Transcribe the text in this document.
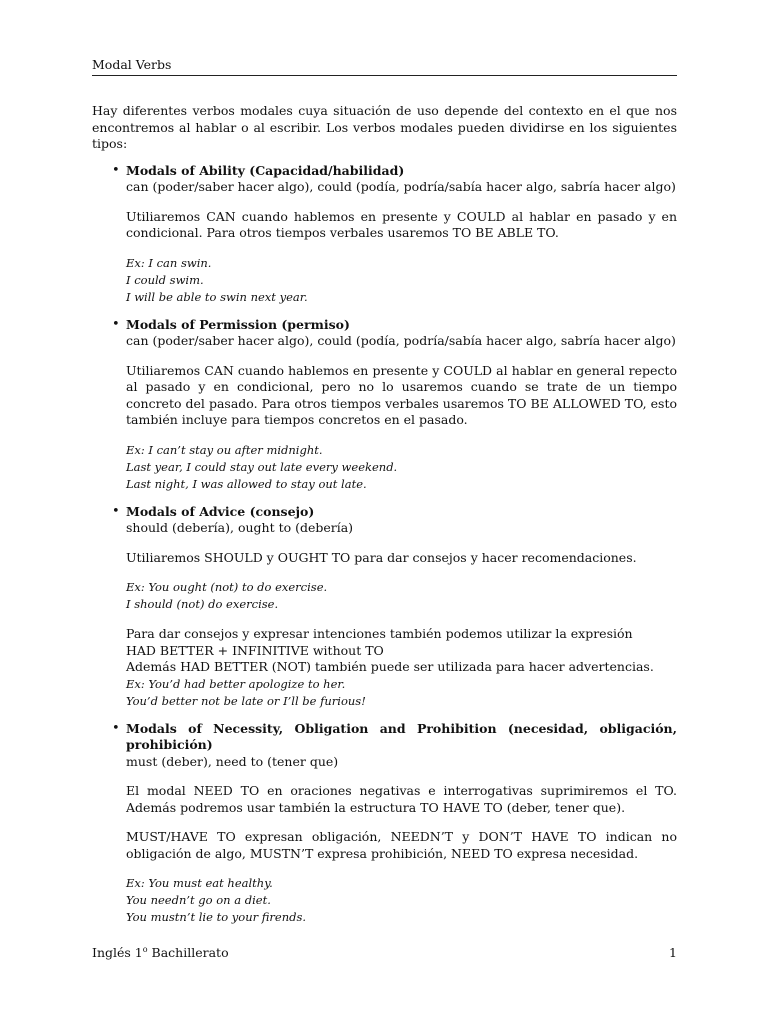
Modal Verbs

Hay diferentes verbos modales cuya situación de uso depende del contexto en el que nos encontremos al hablar o al escribir. Los verbos modales pueden dividirse en los siguientes tipos:

• Modals of Ability (Capacidad/habilidad)
can (poder/saber hacer algo), could (podía, podría/sabía hacer algo, sabría hacer algo)

Utiliaremos CAN cuando hablemos en presente y COULD al hablar en pasado y en condicional. Para otros tiempos verbales usaremos TO BE ABLE TO.

Ex: I can swin.

I could swim.

I will be able to swin next year.

• Modals of Permission (permiso)
can (poder/saber hacer algo), could (podía, podría/sabía hacer algo, sabría hacer algo)

Utiliaremos CAN cuando hablemos en presente y COULD al hablar en general repecto al pasado y en condicional, pero no lo usaremos cuando se trate de un tiempo concreto del pasado. Para otros tiempos verbales usaremos TO BE ALLOWED TO, esto también incluye para tiempos concretos en el pasado.

Ex: I can’t stay ou after midnight.

Last year, I could stay out late every weekend.

Last night, I was allowed to stay out late.

• Modals of Advice (consejo)
should (debería), ought to (debería)

Utiliaremos SHOULD y OUGHT TO para dar consejos y hacer recomendaciones.

Ex: You ought (not) to do exercise.

I should (not) do exercise.

Para dar consejos y expresar intenciones también podemos utilizar la expresión

HAD BETTER + INFINITIVE without TO

Además HAD BETTER (NOT) también puede ser utilizada para hacer advertencias.

Ex: You’d had better apologize to her.

You’d better not be late or I’ll be furious!

• Modals of Necessity, Obligation and Prohibition (necesidad, obligación, prohibición)
must (deber), need to (tener que)

El modal NEED TO en oraciones negativas e interrogativas suprimiremos el TO. Además podremos usar también la estructura TO HAVE TO (deber, tener que).

MUST/HAVE TO expresan obligación, NEEDN’T y DON’T HAVE TO indican no obligación de algo, MUSTN’T expresa prohibición, NEED TO expresa necesidad.

Ex: You must eat healthy.

You needn’t go on a diet.

You mustn’t lie to your firends.

Inglés 1$^o$ Bachillerato	1
